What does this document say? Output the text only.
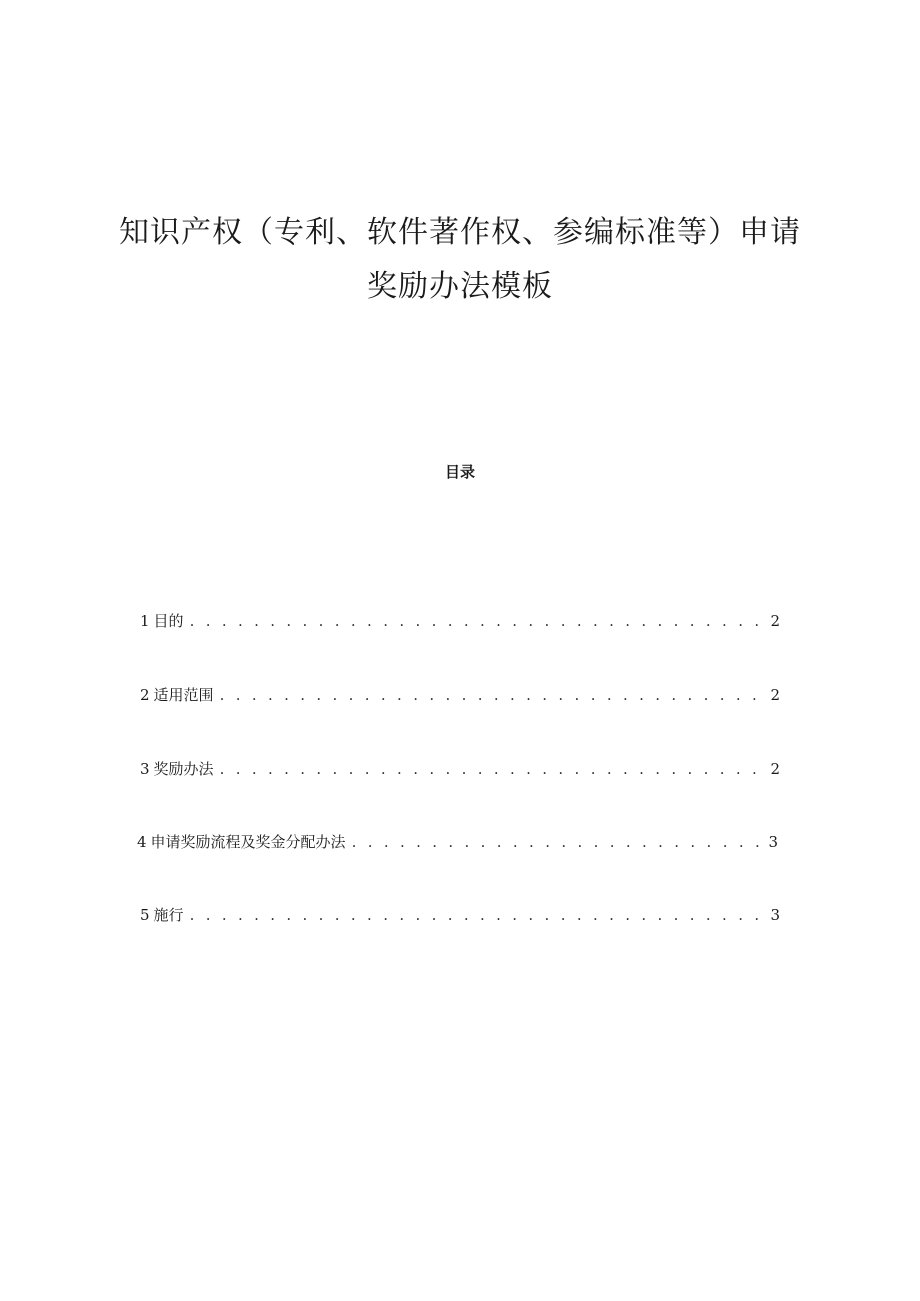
知识产权（专利、软件著作权、参编标准等）申请
奖励办法模板
目录
1 目的 . . .	2
2 适用范围 . . .	2
3 奖励办法 . . .	2
4 申请奖励流程及奖金分配办法 . . .	3
5 施行 . . .	3
